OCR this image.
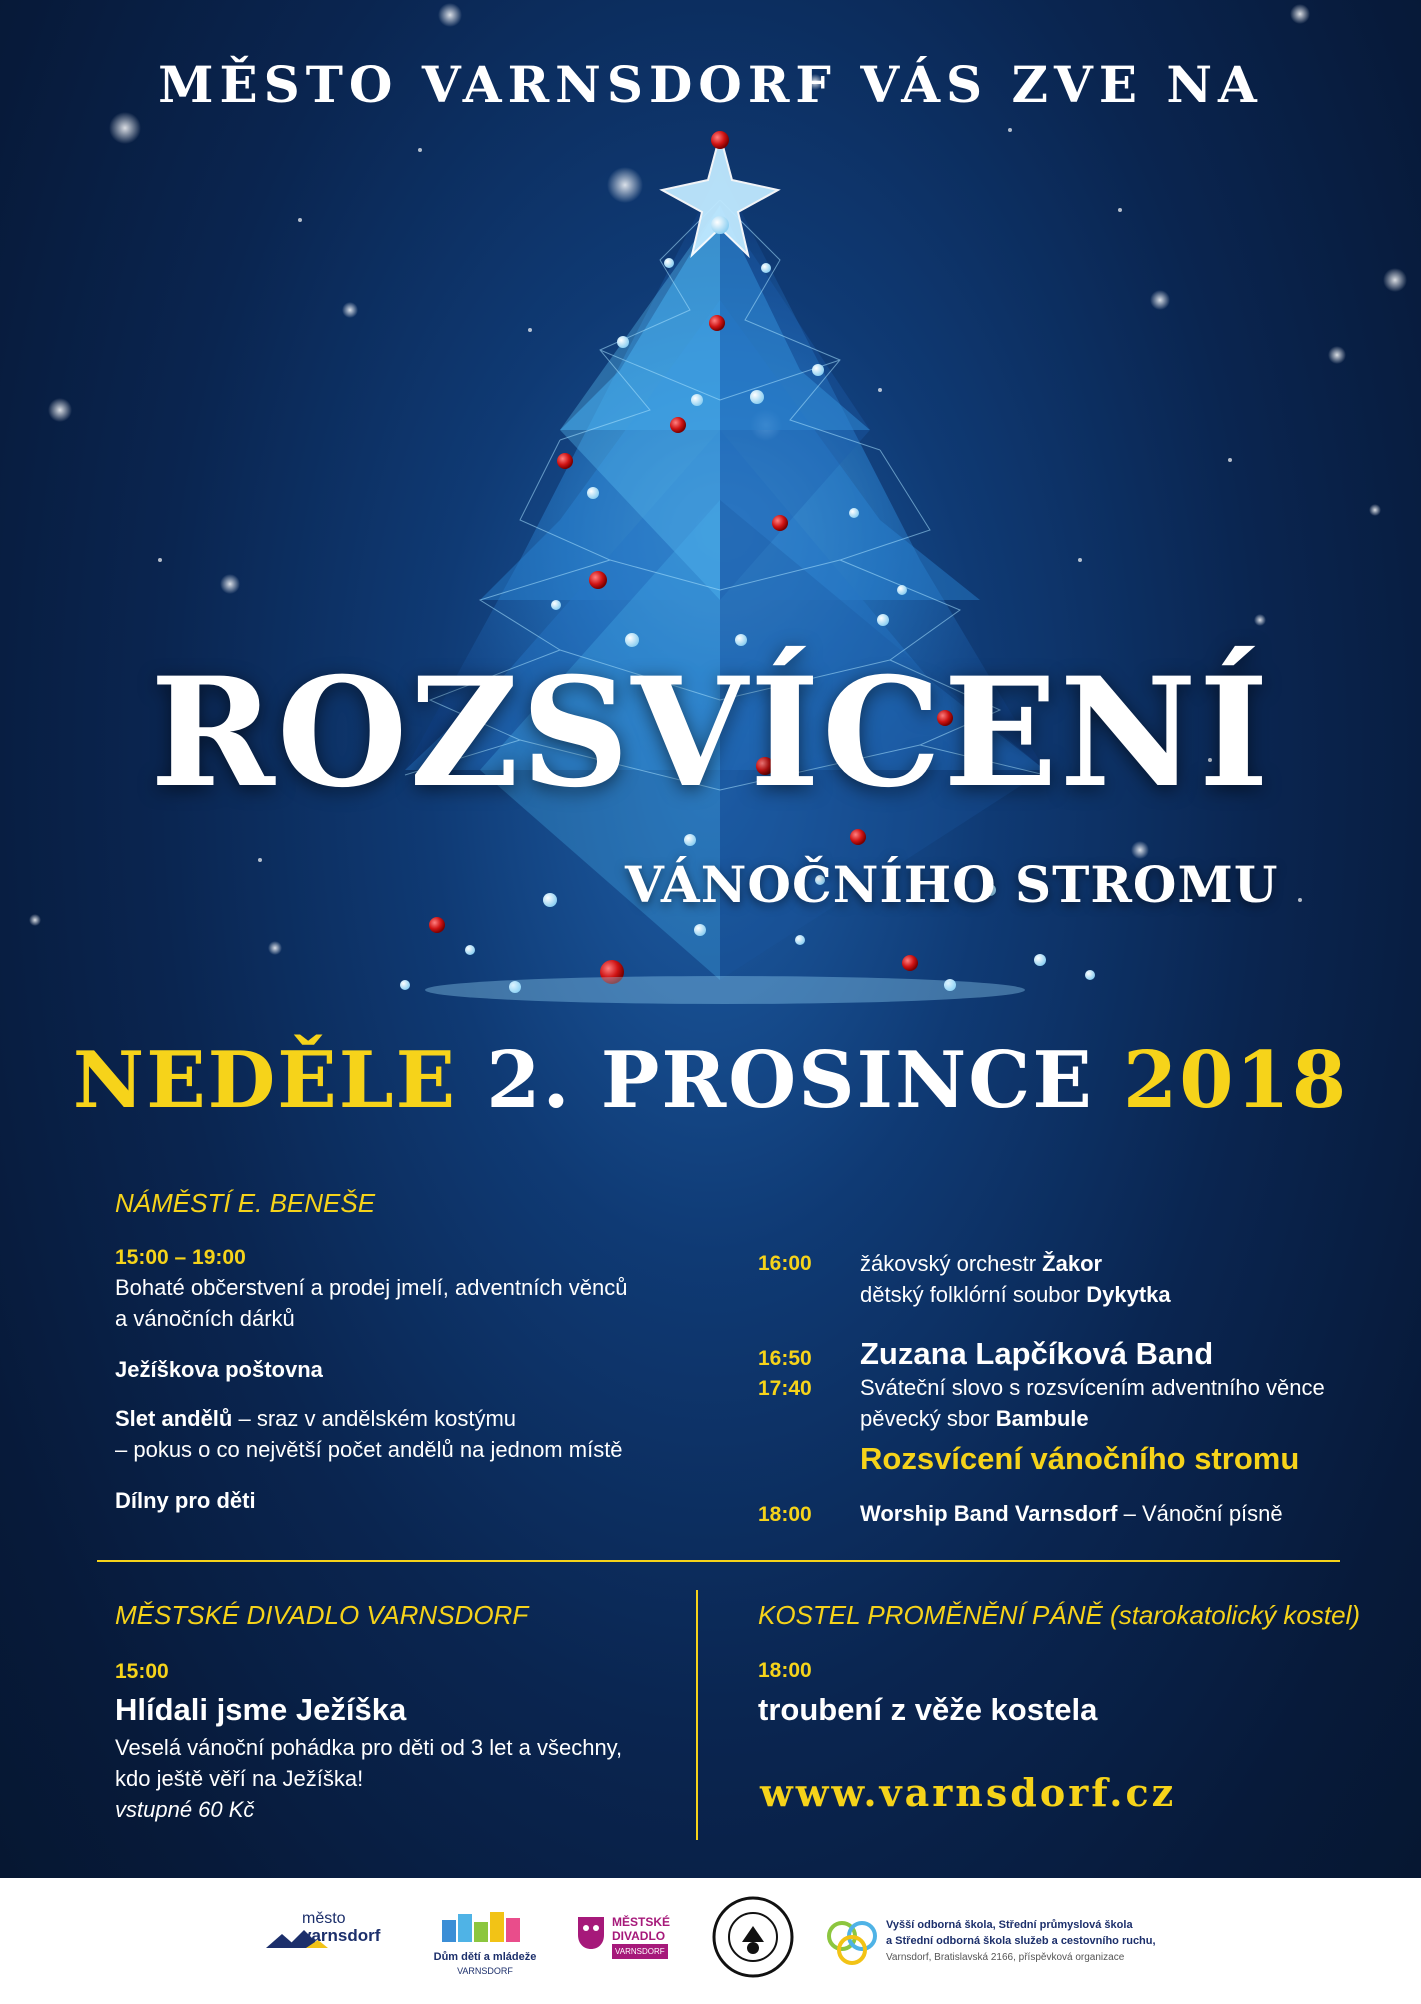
MĚSTO VARNSDORF VÁS ZVE NA
ROZSVÍCENÍ
VÁNOČNÍHO STROMU
NEDĚLE 2. PROSINCE 2018
NÁMĚSTÍ E. BENEŠE
15:00 – 19:00
Bohaté občerstvení a prodej jmelí, adventních věnců
a vánočních dárků
Ježíškova poštovna
Slet andělů – sraz v andělském kostýmu
– pokus o co největší počet andělů na jednom místě
Dílny pro děti
16:00 žákovský orchestr Žakor
dětský folklórní soubor Dykytka
16:50 Zuzana Lapčíková Band
17:40 Sváteční slovo s rozsvícením adventního věnce
pěvecký sbor Bambule
Rozsvícení vánočního stromu
18:00 Worship Band Varnsdorf – Vánoční písně
MĚSTSKÉ DIVADLO VARNSDORF
15:00
Hlídali jsme Ježíška
Veselá vánoční pohádka pro děti od 3 let a všechny,
kdo ještě věří na Ježíška!
vstupné 60 Kč
KOSTEL PROMĚNĚNÍ PÁNĚ (starokatolický kostel)
18:00
troubení z věže kostela
www.varnsdorf.cz
město
varnsdorf
Dům dětí a mládeže
VARNSDORF
MĚSTSKÉ
DIVADLO
VARNSDORF
Vyšší odborná škola, Střední průmyslová škola
a Střední odborná škola služeb a cestovního ruchu,
Varnsdorf, Bratislavská 2166, příspěvková organizace
